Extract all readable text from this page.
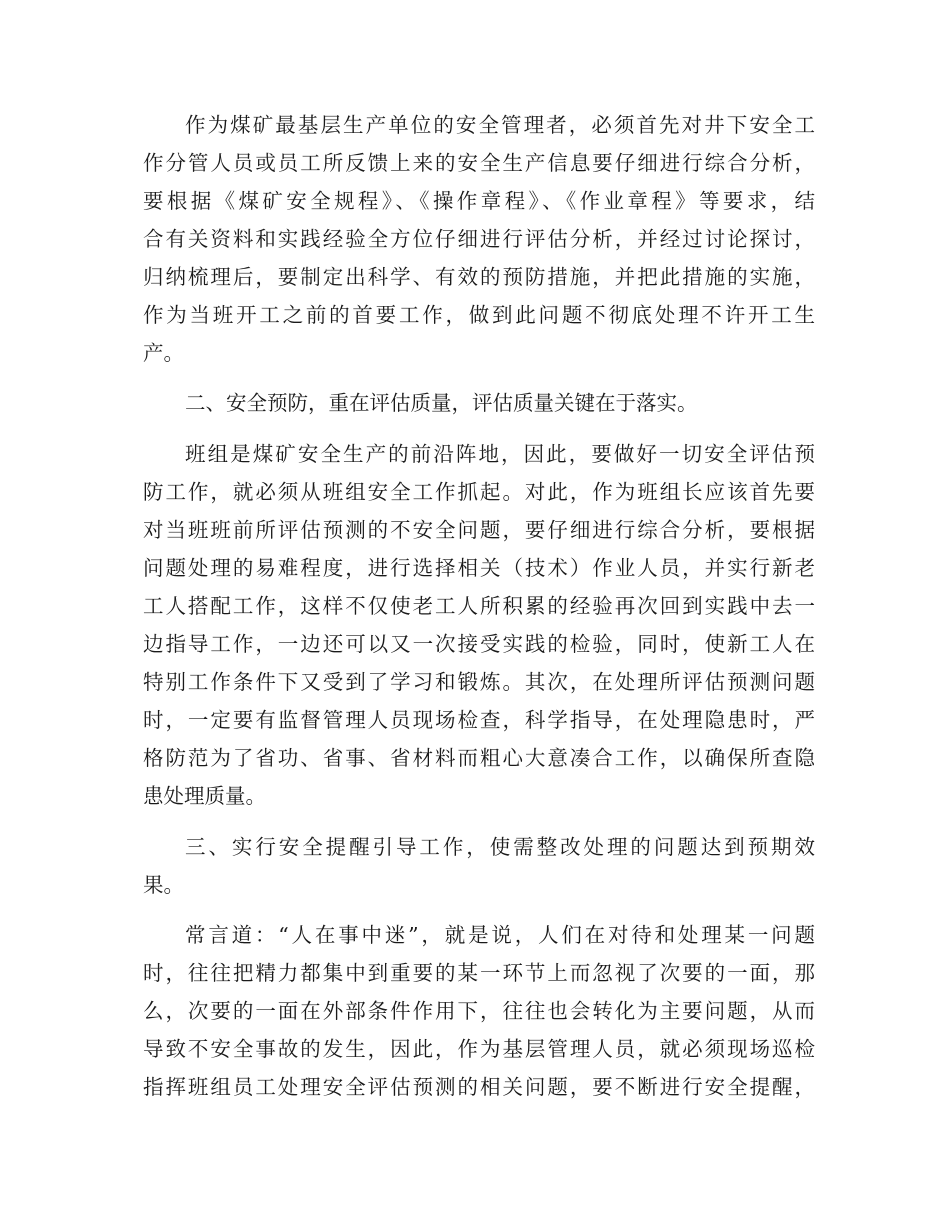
作为煤矿最基层生产单位的安全管理者，必须首先对井下安全工

作分管人员或员工所反馈上来的安全生产信息要仔细进行综合分析，

要根据《煤矿安全规程》、《操作章程》、《作业章程》等要求，结

合有关资料和实践经验全方位仔细进行评估分析，并经过讨论探讨，

归纳梳理后，要制定出科学、有效的预防措施，并把此措施的实施，

作为当班开工之前的首要工作，做到此问题不彻底处理不许开工生

产。

二、安全预防，重在评估质量，评估质量关键在于落实。

班组是煤矿安全生产的前沿阵地，因此，要做好一切安全评估预

防工作，就必须从班组安全工作抓起。对此，作为班组长应该首先要

对当班班前所评估预测的不安全问题，要仔细进行综合分析，要根据

问题处理的易难程度，进行选择相关（技术）作业人员，并实行新老

工人搭配工作，这样不仅使老工人所积累的经验再次回到实践中去一

边指导工作，一边还可以又一次接受实践的检验，同时，使新工人在

特别工作条件下又受到了学习和锻炼。其次，在处理所评估预测问题

时，一定要有监督管理人员现场检查，科学指导，在处理隐患时，严

格防范为了省功、省事、省材料而粗心大意凑合工作，以确保所查隐

患处理质量。

三、实行安全提醒引导工作，使需整改处理的问题达到预期效

果。

常言道：“人在事中迷”，就是说，人们在对待和处理某一问题

时，往往把精力都集中到重要的某一环节上而忽视了次要的一面，那

么，次要的一面在外部条件作用下，往往也会转化为主要问题，从而

导致不安全事故的发生，因此，作为基层管理人员，就必须现场巡检

指挥班组员工处理安全评估预测的相关问题，要不断进行安全提醒，
